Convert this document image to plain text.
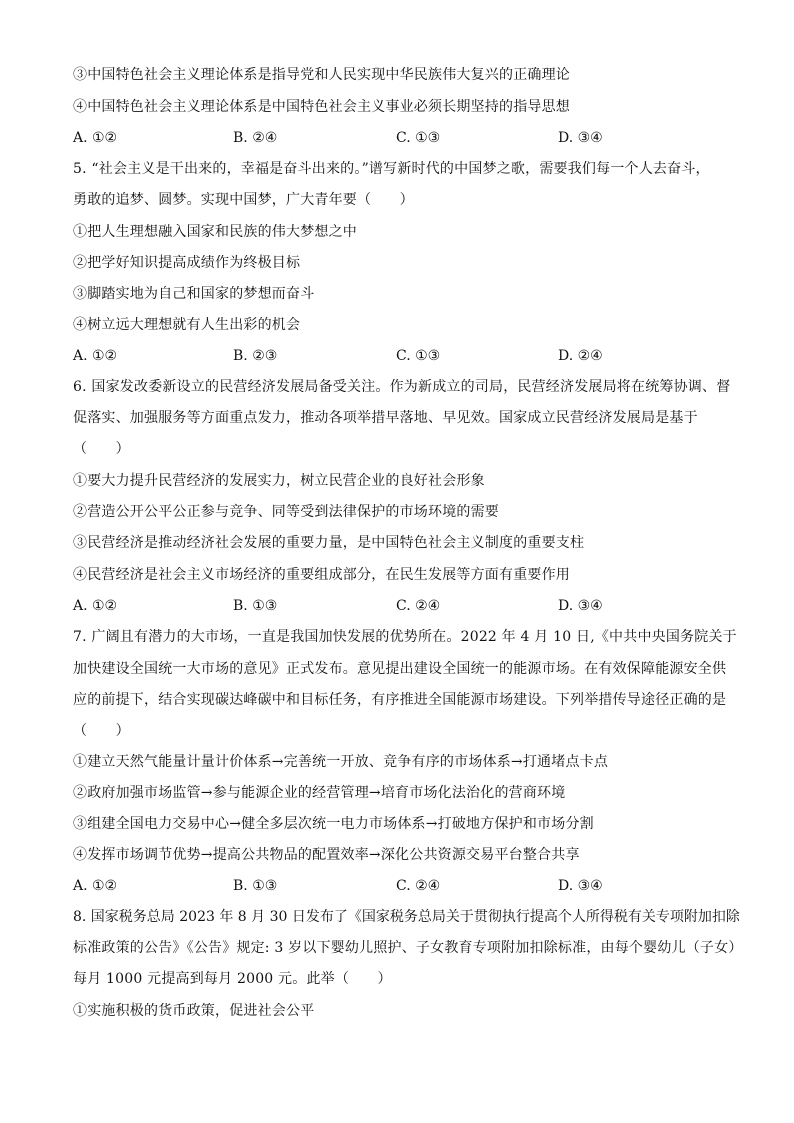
③中国特色社会主义理论体系是指导党和人民实现中华民族伟大复兴的正确理论
④中国特色社会主义理论体系是中国特色社会主义事业必须长期坚持的指导思想
A. ①②	B. ②④	C. ①③	D. ③④
5. “社会主义是干出来的，幸福是奋斗出来的。”谱写新时代的中国梦之歌，需要我们每一个人去奋斗，
勇敢的追梦、圆梦。实现中国梦，广大青年要（　　）
①把人生理想融入国家和民族的伟大梦想之中
②把学好知识提高成绩作为终极目标
③脚踏实地为自己和国家的梦想而奋斗
④树立远大理想就有人生出彩的机会
A. ①②	B. ②③	C. ①③	D. ②④
6. 国家发改委新设立的民营经济发展局备受关注。作为新成立的司局，民营经济发展局将在统筹协调、督
促落实、加强服务等方面重点发力，推动各项举措早落地、早见效。国家成立民营经济发展局是基于
（　　）
①要大力提升民营经济的发展实力，树立民营企业的良好社会形象
②营造公开公平公正参与竞争、同等受到法律保护的市场环境的需要
③民营经济是推动经济社会发展的重要力量，是中国特色社会主义制度的重要支柱
④民营经济是社会主义市场经济的重要组成部分，在民生发展等方面有重要作用
A. ①②	B. ①③	C. ②④	D. ③④
7. 广阔且有潜力的大市场，一直是我国加快发展的优势所在。2022 年 4 月 10 日,《中共中央国务院关于
加快建设全国统一大市场的意见》正式发布。意见提出建设全国统一的能源市场。在有效保障能源安全供
应的前提下，结合实现碳达峰碳中和目标任务，有序推进全国能源市场建设。下列举措传导途径正确的是
（　　）
①建立天然气能量计量计价体系→完善统一开放、竞争有序的市场体系→打通堵点卡点
②政府加强市场监管→参与能源企业的经营管理→培育市场化法治化的营商环境
③组建全国电力交易中心→健全多层次统一电力市场体系→打破地方保护和市场分割
④发挥市场调节优势→提高公共物品的配置效率→深化公共资源交易平台整合共享
A. ①②	B. ①③	C. ②④	D. ③④
8. 国家税务总局 2023 年 8 月 30 日发布了《国家税务总局关于贯彻执行提高个人所得税有关专项附加扣除
标准政策的公告》《公告》规定: 3 岁以下婴幼儿照护、子女教育专项附加扣除标准，由每个婴幼儿（子女）
每月 1000 元提高到每月 2000 元。此举（　　）
①实施积极的货币政策，促进社会公平
